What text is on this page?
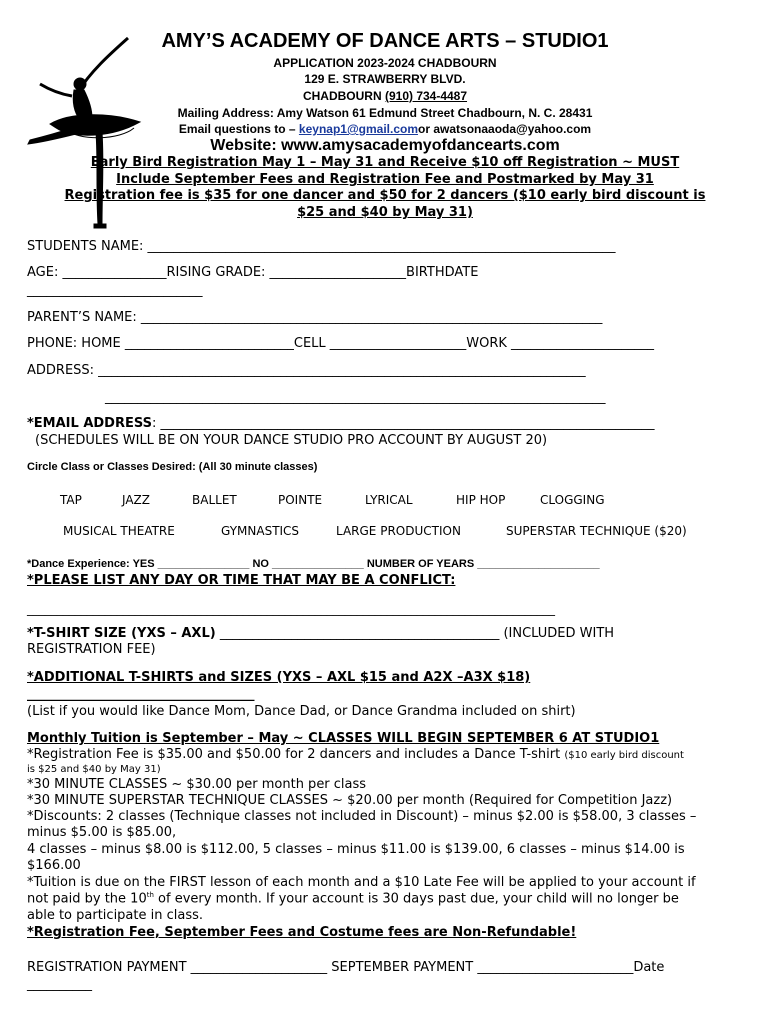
AMY’S ACADEMY OF DANCE ARTS – STUDIO1
APPLICATION 2023-2024 CHADBOURN
129 E. STRAWBERRY BLVD.
CHADBOURN (910) 734-4487
Mailing Address: Amy Watson 61 Edmund Street Chadbourn, N. C. 28431
Email questions to – keynap1@gmail.comor awatsonaaoda@yahoo.com
Website: www.amysacademyofdancearts.com
Early Bird Registration May 1 – May 31 and Receive $10 off Registration ~ MUST
Include September Fees and Registration Fee and Postmarked by May 31
Registration fee is $35 for one dancer and $50 for 2 dancers ($10 early bird discount is
$25 and $40 by May 31)
STUDENTS NAME: ________________________________________________________________________
AGE: ________________RISING GRADE: _____________________BIRTHDATE
___________________________
PARENT’S NAME: _______________________________________________________________________
PHONE: HOME __________________________CELL _____________________WORK ______________________
ADDRESS: ___________________________________________________________________________
_____________________________________________________________________________
*EMAIL ADDRESS: ____________________________________________________________________________
(SCHEDULES WILL BE ON YOUR DANCE STUDIO PRO ACCOUNT BY AUGUST 20)
Circle Class or Classes Desired: (All 30 minute classes)
TAP	JAZZ	BALLET	POINTE	LYRICAL	HIP HOP	CLOGGING
MUSICAL THEATRE	GYMNASTICS	LARGE PRODUCTION	SUPERSTAR TECHNIQUE ($20)
*Dance Experience: YES _______________ NO _______________ NUMBER OF YEARS ____________________
*PLEASE LIST ANY DAY OR TIME THAT MAY BE A CONFLICT:
________________________________________________________________________________________
*T-SHIRT SIZE (YXS – AXL) ___________________________________________ (INCLUDED WITH
REGISTRATION FEE)
*ADDITIONAL T-SHIRTS and SIZES (YXS – AXL $15 and A2X –A3X $18)
___________________________________
(List if you would like Dance Mom, Dance Dad, or Dance Grandma included on shirt)
Monthly Tuition is September – May ~ CLASSES WILL BEGIN SEPTEMBER 6 AT STUDIO1
*Registration Fee is $35.00 and $50.00 for 2 dancers and includes a Dance T-shirt ($10 early bird discount
is $25 and $40 by May 31)
*30 MINUTE CLASSES ~ $30.00 per month per class
*30 MINUTE SUPERSTAR TECHNIQUE CLASSES ~ $20.00 per month (Required for Competition Jazz)
*Discounts: 2 classes (Technique classes not included in Discount) – minus $2.00 is $58.00, 3 classes –
minus $5.00 is $85.00,
4 classes – minus $8.00 is $112.00, 5 classes – minus $11.00 is $139.00, 6 classes – minus $14.00 is
$166.00
*Tuition is due on the FIRST lesson of each month and a $10 Late Fee will be applied to your account if
not paid by the 10th of every month. If your account is 30 days past due, your child will no longer be
able to participate in class.
*Registration Fee, September Fees and Costume fees are Non-Refundable!
REGISTRATION PAYMENT _____________________ SEPTEMBER PAYMENT ________________________Date
__________
